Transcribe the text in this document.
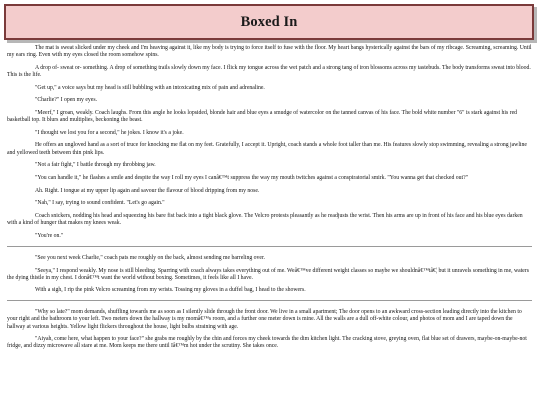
Boxed In

The mat is sweat slicked under my cheek and I'm heaving against it, like my body is trying to force itself to fuse with the floor. My heart bangs hysterically against the bars of my ribcage. Screaming, screaming. Until my ears ring. Even with my eyes closed the room somehow spins.

A drop of- sweat or- something. A drop of something trails slowly down my face. I flick my tongue across the wet patch and a strong tang of iron blossoms across my tastebuds. The body transforms sweat into blood. This is the life.

"Get up," a voice says but my head is still bubbling with an intoxicating mix of pain and adrenaline.

"Charlie?" I open my eyes.

"Meerf," I groan, weakly. Coach laughs. From this angle he looks lopsided, blonde hair and blue eyes a smudge of watercolor on the tanned canvas of his face. The bold white number "6" is stark against his red basketball top. It blurs and multiplies, beckoning the beast.

"I thought we lost you for a second," he jokes. I know it's a joke.

He offers an ungloved hand as a sort of truce for knocking me flat on my feet. Gratefully, I accept it. Upright, coach stands a whole foot taller than me. His features slowly stop swimming, revealing a strong jawline and yellowed teeth between thin pink lips.

"Not a fair fight," I battle through my throbbing jaw.

"You can handle it," he flashes a smile and despite the way I roll my eyes I canâ€™t suppress the way my mouth twitches against a conspiratorial smirk. "You wanna get that checked out?"

Ah. Right. I tongue at my upper lip again and savour the flavour of blood dripping from my nose.

"Nah," I say, trying to sound confident. "Let's go again."

Coach snickers, nodding his head and squeezing his bare fist back into a tight black glove. The Velcro protests pleasantly as he readjusts the wrist. Then his arms are up in front of his face and his blue eyes darken with a kind of hunger that makes my knees weak.

"You're on."

"See you next week Charlie," coach pats me roughly on the back, almost sending me barreling over.

"Seeya," I respond weakly. My nose is still bleeding. Sparring with coach always takes everything out of me. Weâ€™ve different weight classes so maybe we shouldnâ€™tâ€¦ but it unravels something in me, waters the dying thistle in my chest. I donâ€™t want the world without boxing. Sometimes, it feels like all I have.

With a sigh, I rip the pink Velcro screaming from my wrists. Tossing my gloves in a duffel bag, I head to the showers.

"Why so late?" mom demands, shuffling towards me as soon as I silently slide through the front door. We live in a small apartment; The door opens to an awkward cross-section leading directly into the kitchen to your right and the bathroom to your left. Two meters down the hallway is my momâ€™s room, and a further one meter down is mine. All the walls are a dull off-white colour, and photos of mom and I are taped down the hallway at various heights. Yellow light flickers throughout the house, light bulbs straining with age.

"Aiyah, come here, what happen to your face?" she grabs me roughly by the chin and forces my cheek towards the dim kitchen light. The cracking stove, greying oven, flat blue set of drawers, maybe-on-maybe-not fridge, and dizzy microwave all stare at me. Mom keeps me there until Iâ€™m hot under the scrutiny. She takes once.
